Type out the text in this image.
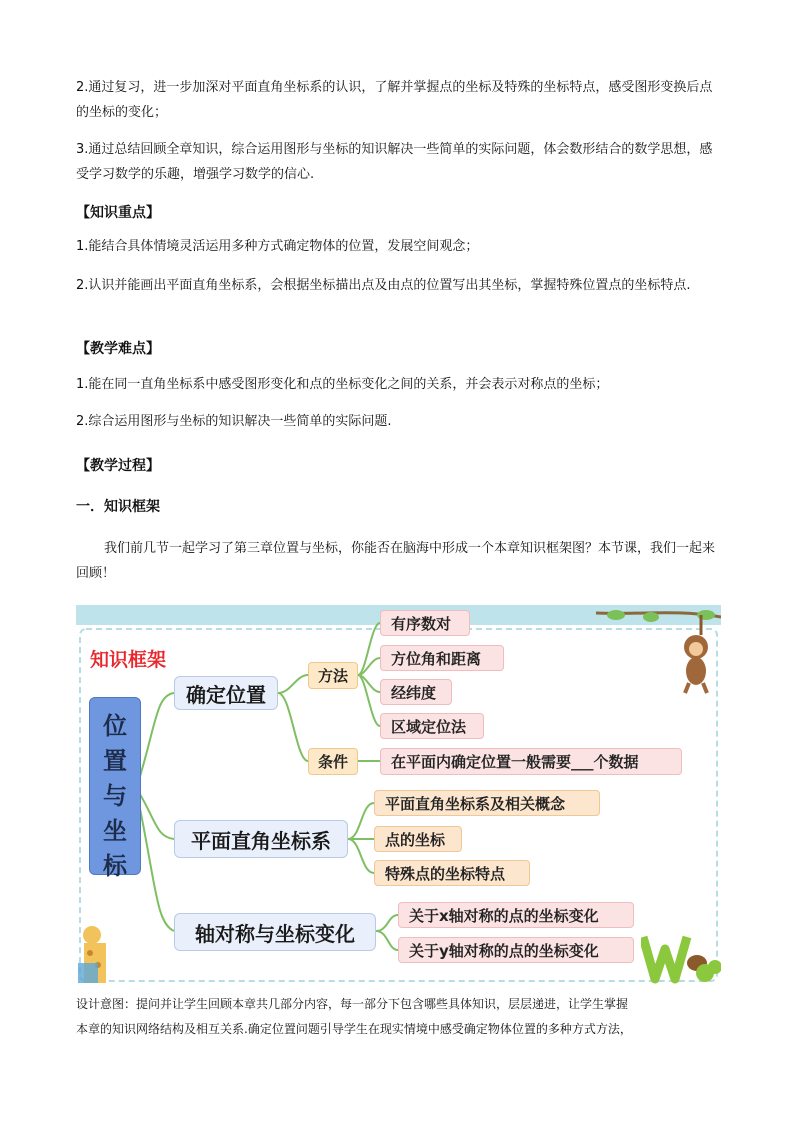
2.通过复习，进一步加深对平面直角坐标系的认识，了解并掌握点的坐标及特殊的坐标特点，感受图形变换后点的坐标的变化；

3.通过总结回顾全章知识，综合运用图形与坐标的知识解决一些简单的实际问题，体会数形结合的数学思想，感受学习数学的乐趣，增强学习数学的信心.

【知识重点】

1.能结合具体情境灵活运用多种方式确定物体的位置，发展空间观念；

2.认识并能画出平面直角坐标系，会根据坐标描出点及由点的位置写出其坐标，掌握特殊位置点的坐标特点.

【教学难点】

1.能在同一直角坐标系中感受图形变化和点的坐标变化之间的关系，并会表示对称点的坐标；

2.综合运用图形与坐标的知识解决一些简单的实际问题.

【教学过程】

一．知识框架

我们前几节一起学习了第三章位置与坐标，你能否在脑海中形成一个本章知识框架图？本节课，我们一起来回顾！

知识框架
位
置
与
坐
标
确定位置
方法
有序数对
方位角和距离
经纬度
区域定位法
条件	在平面内确定位置一般需要___个数据
平面直角坐标系
平面直角坐标系及相关概念
点的坐标
特殊点的坐标特点
轴对称与坐标变化
关于x轴对称的点的坐标变化
关于y轴对称的点的坐标变化

设计意图：提问并让学生回顾本章共几部分内容，每一部分下包含哪些具体知识，层层递进，让学生掌握

本章的知识网络结构及相互关系.确定位置问题引导学生在现实情境中感受确定物体位置的多种方式方法，
